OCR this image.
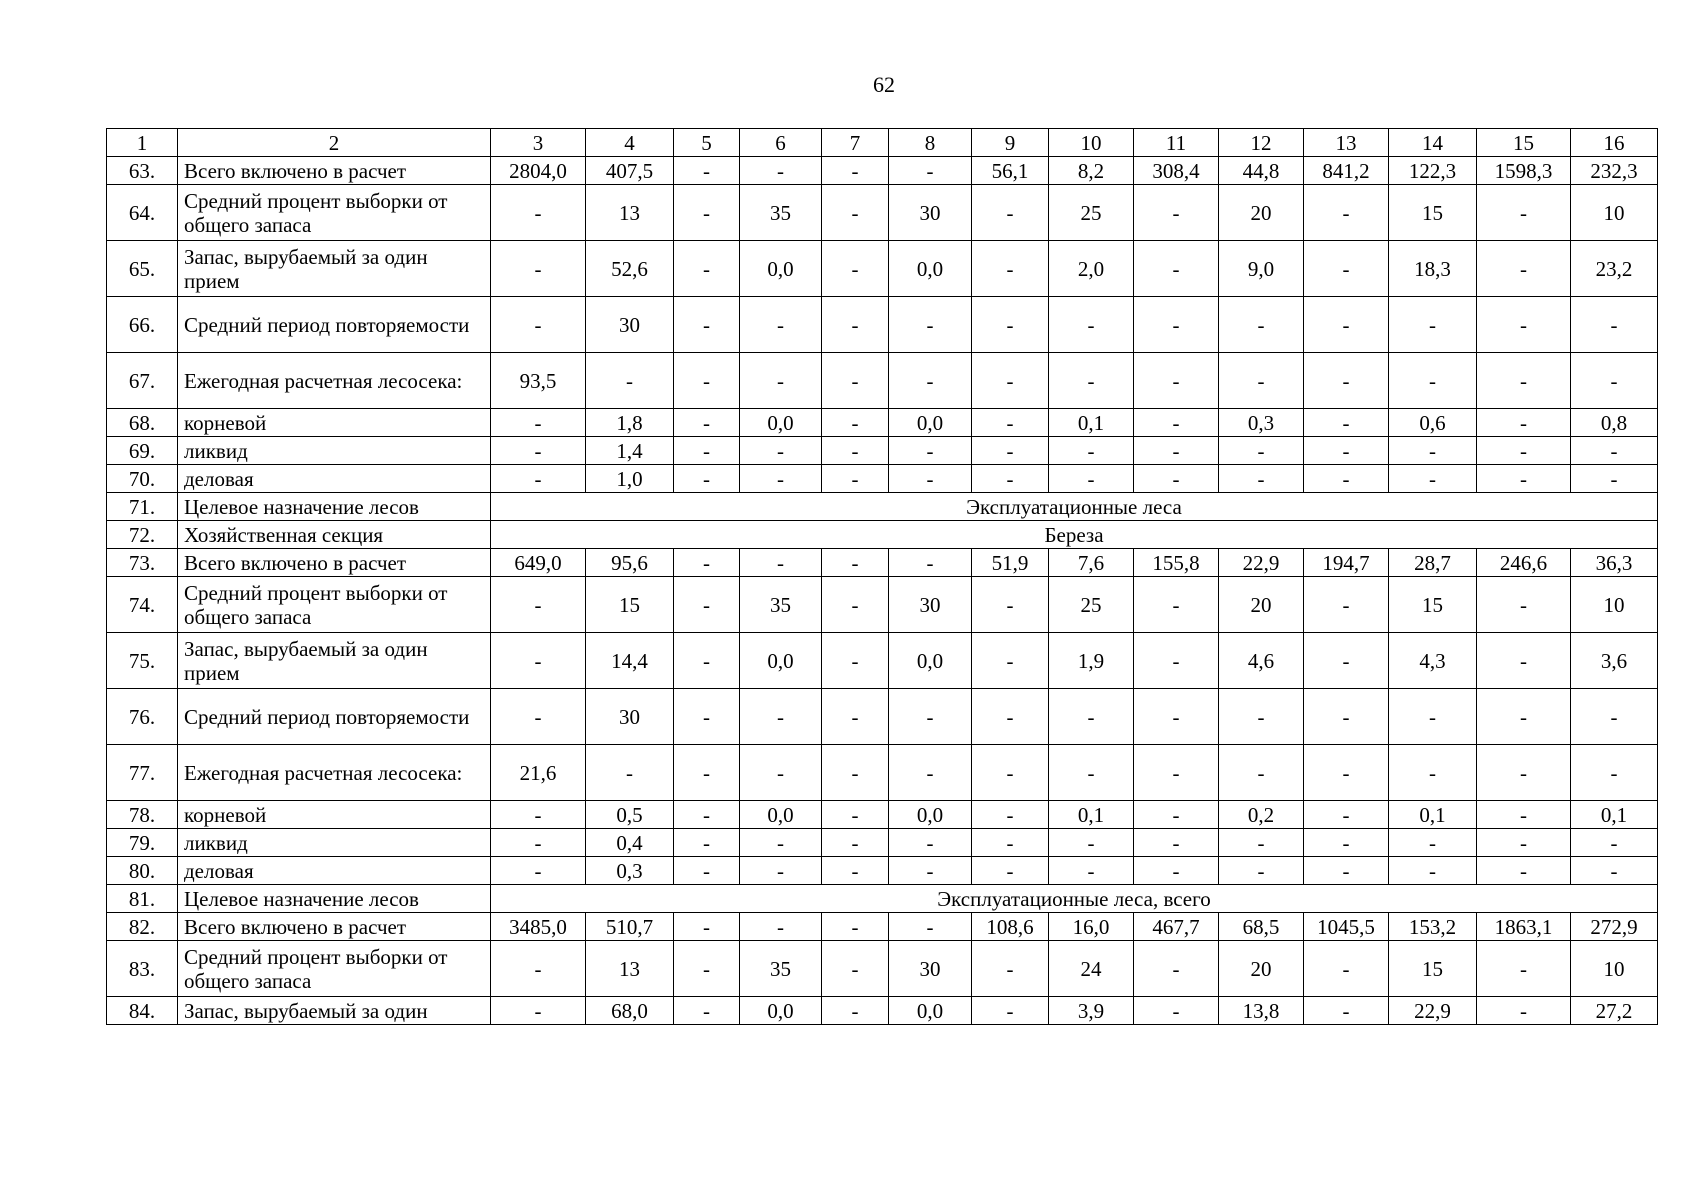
62
1	2	3	4	5	6	7	8	9	10	11	12	13	14	15	16
63.	Всего включено в расчет	2804,0	407,5	-	-	-	-	56,1	8,2	308,4	44,8	841,2	122,3	1598,3	232,3
64.	Средний процент выборки от общего запаса	-	13	-	35	-	30	-	25	-	20	-	15	-	10
65.	Запас, вырубаемый за один прием	-	52,6	-	0,0	-	0,0	-	2,0	-	9,0	-	18,3	-	23,2
66.	Средний период повторяемости	-	30	-	-	-	-	-	-	-	-	-	-	-	-
67.	Ежегодная расчетная лесосека:	93,5	-	-	-	-	-	-	-	-	-	-	-	-	-
68.	корневой	-	1,8	-	0,0	-	0,0	-	0,1	-	0,3	-	0,6	-	0,8
69.	ликвид	-	1,4	-	-	-	-	-	-	-	-	-	-	-	-
70.	деловая	-	1,0	-	-	-	-	-	-	-	-	-	-	-	-
71.	Целевое назначение лесов	Эксплуатационные леса													
72.	Хозяйственная секция	Береза													
73.	Всего включено в расчет	649,0	95,6	-	-	-	-	51,9	7,6	155,8	22,9	194,7	28,7	246,6	36,3
74.	Средний процент выборки от общего запаса	-	15	-	35	-	30	-	25	-	20	-	15	-	10
75.	Запас, вырубаемый за один прием	-	14,4	-	0,0	-	0,0	-	1,9	-	4,6	-	4,3	-	3,6
76.	Средний период повторяемости	-	30	-	-	-	-	-	-	-	-	-	-	-	-
77.	Ежегодная расчетная лесосека:	21,6	-	-	-	-	-	-	-	-	-	-	-	-	-
78.	корневой	-	0,5	-	0,0	-	0,0	-	0,1	-	0,2	-	0,1	-	0,1
79.	ликвид	-	0,4	-	-	-	-	-	-	-	-	-	-	-	-
80.	деловая	-	0,3	-	-	-	-	-	-	-	-	-	-	-	-
81.	Целевое назначение лесов	Эксплуатационные леса, всего													
82.	Всего включено в расчет	3485,0	510,7	-	-	-	-	108,6	16,0	467,7	68,5	1045,5	153,2	1863,1	272,9
83.	Средний процент выборки от общего запаса	-	13	-	35	-	30	-	24	-	20	-	15	-	10
84.	Запас, вырубаемый за один	-	68,0	-	0,0	-	0,0	-	3,9	-	13,8	-	22,9	-	27,2
